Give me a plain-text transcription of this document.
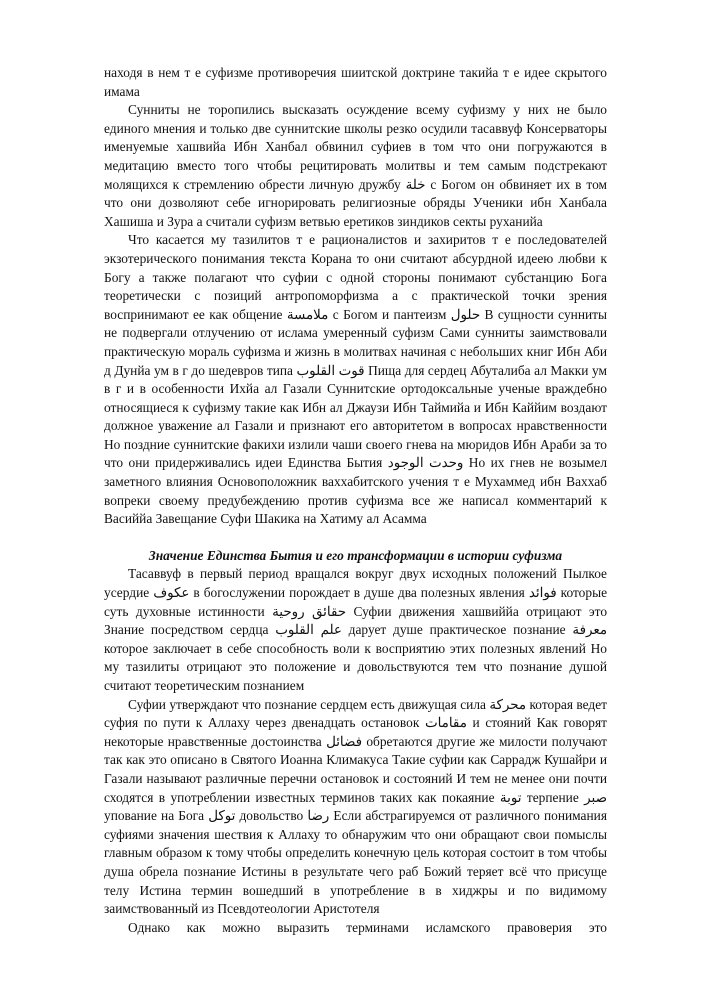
находя в нем т е суфизме противоречия шиитской доктрине такийа т е идее скрытого имама

Сунниты не торопились высказать осуждение всему суфизму у них не было единого мнения и только две суннитские школы резко осудили тасаввуф Консерваторы именуемые хашвийа Ибн Ханбал обвинил суфиев в том что они погружаются в медитацию вместо того чтобы рецитировать молитвы и тем самым подстрекают молящихся к стремлению обрести личную дружбу خلة с Богом он обвиняет их в том что они дозволяют себе игнорировать религиозные обряды Ученики ибн Ханбала Хашиша и Зура а считали суфизм ветвью еретиков зиндиков секты руханийа

Что касается му тазилитов т е рационалистов и захиритов т е последователей экзотерического понимания текста Корана то они считают абсурдной идеею любви к Богу а также полагают что суфии с одной стороны понимают субстанцию Бога теоретически с позиций антропоморфизма а с практической точки зрения воспринимают ее как общение ملامسة с Богом и пантеизм حلول В сущности сунниты не подвергали отлучению от ислама умеренный суфизм Сами сунниты заимствовали практическую мораль суфизма и жизнь в молитвах начиная с небольших книг Ибн Аби д Дунйа ум в г до шедевров типа قوت القلوب Пища для сердец Абуталиба ал Макки ум в г и в особенности Ихйа ал Газали Суннитские ортодоксальные ученые враждебно относящиеся к суфизму такие как Ибн ал Джаузи Ибн Таймийа и Ибн Каййим воздают должное уважение ал Газали и признают его авторитетом в вопросах нравственности Но поздние суннитские факихи излили чаши своего гнева на мюридов Ибн Араби за то что они придерживались идеи Единства Бытия وحدت الوجود Но их гнев не возымел заметного влияния Основоположник ваххабитского учения т е Мухаммед ибн Ваххаб вопреки своему предубеждению против суфизма все же написал комментарий к Васиййа Завещание Суфи Шакика на Хатиму ал Асамма

Значение Единства Бытия и его трансформации в истории суфизма

Тасаввуф в первый период вращался вокруг двух исходных положений Пылкое усердие عكوف в богослужении порождает в душе два полезных явления فوائد которые суть духовные истинности حقائق روحية Суфии движения хашвиййа отрицают это Знание посредством сердца علم القلوب дарует душе практическое познание معرفة которое заключает в себе способность воли к восприятию этих полезных явлений Но му тазилиты отрицают это положение и довольствуются тем что познание душой считают теоретическим познанием

Суфии утверждают что познание сердцем есть движущая сила محركة которая ведет суфия по пути к Аллаху через двенадцать остановок مقامات и стояний Как говорят некоторые нравственные достоинства فضائل обретаются другие же милости получают так как это описано в Святого Иоанна Климакуса Такие суфии как Саррадж Кушайри и Газали называют различные перечни остановок и состояний И тем не менее они почти сходятся в употреблении известных терминов таких как покаяние توبة терпение صبر упование на Бога توكل довольство رضا Если абстрагируемся от различного понимания суфиями значения шествия к Аллаху то обнаружим что они обращают свои помыслы главным образом к тому чтобы определить конечную цель которая состоит в том чтобы душа обрела познание Истины в результате чего раб Божий теряет всё что присуще телу Истина термин вошедший в употребление в в хиджры и по видимому заимствованный из Псевдотеологии Аристотеля

Однако как можно выразить терминами исламского правоверия это
